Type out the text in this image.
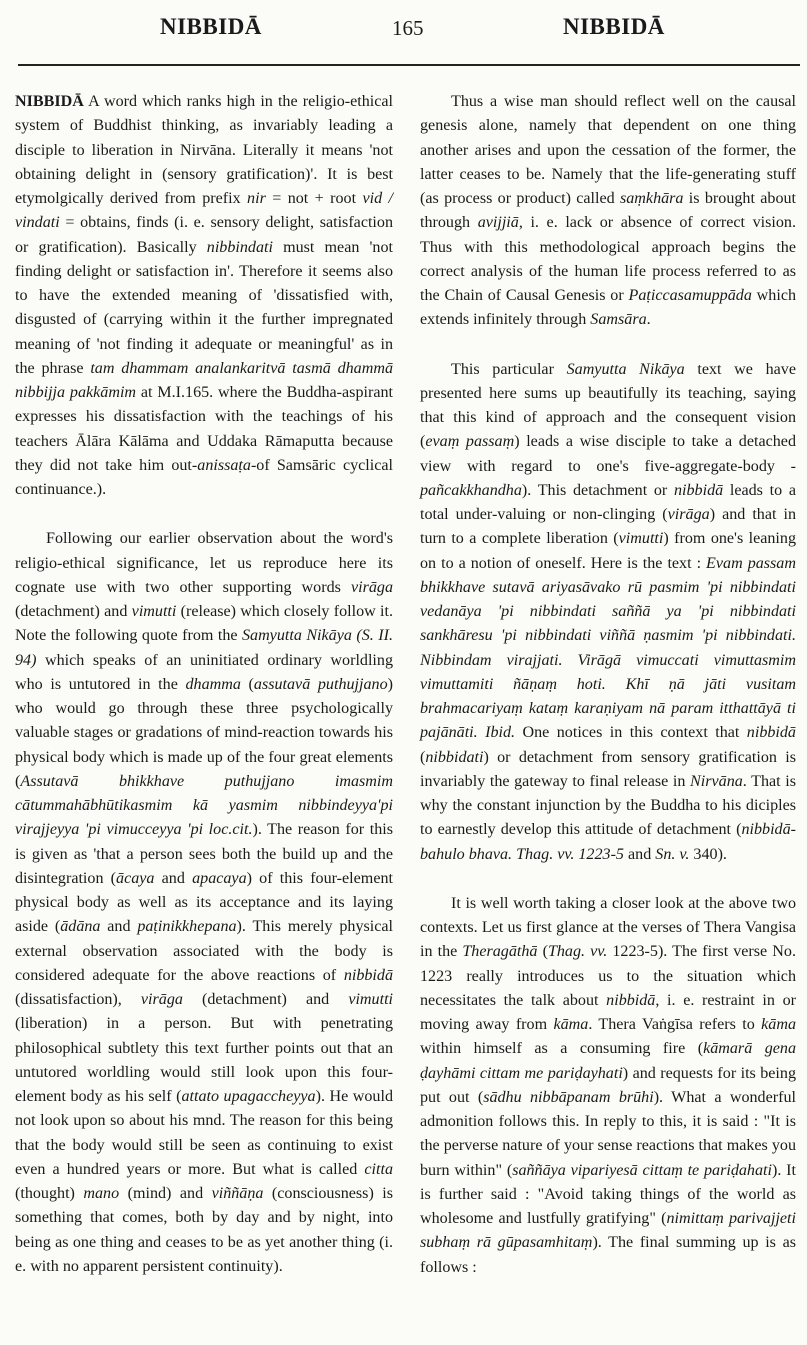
NIBBIDĀ	165	NIBBIDĀ

NIBBIDĀ A word which ranks high in the religio-ethical system of Buddhist thinking, as invariably leading a disciple to liberation in Nirvāna. Literally it means 'not obtaining delight in (sensory gratification)'. It is best etymolgically derived from prefix nir = not + root vid / vindati = obtains, finds (i. e. sensory delight, satisfaction or gratification). Basically nibbindati must mean 'not finding delight or satisfaction in'. Therefore it seems also to have the extended meaning of 'dissatisfied with, disgusted of (carrying within it the further impregnated meaning of 'not finding it adequate or meaningful' as in the phrase tam dhammam analankaritvā tasmā dhammā nibbijja pakkāmim at M.I.165. where the Buddha-aspirant expresses his dissatisfaction with the teachings of his teachers Ālāra Kālāma and Uddaka Rāmaputta because they did not take him out-anissaṭa-of Samsāric cyclical continuance.).

Following our earlier observation about the word's religio-ethical significance, let us reproduce here its cognate use with two other supporting words virāga (detachment) and vimutti (release) which closely follow it. Note the following quote from the Samyutta Nikāya (S. II. 94) which speaks of an uninitiated ordinary worldling who is untutored in the dhamma (assutavā puthujjano) who would go through these three psychologically valuable stages or gradations of mind-reaction towards his physical body which is made up of the four great elements (Assutavā bhikkhave puthujjano imasmim cātummahābhūtikasmim kā yasmim nibbindeyya'pi virajjeyya 'pi vimucceyya 'pi loc.cit.). The reason for this is given as 'that a person sees both the build up and the disintegration (ācaya and apacaya) of this four-element physical body as well as its acceptance and its laying aside (ādāna and paṭinikkhepana). This merely physical external observation associated with the body is considered adequate for the above reactions of nibbidā (dissatisfaction), virāga (detachment) and vimutti (liberation) in a person. But with penetrating philosophical subtlety this text further points out that an untutored worldling would still look upon this four-element body as his self (attato upagaccheyya). He would not look upon so about his mnd. The reason for this being that the body would still be seen as continuing to exist even a hundred years or more. But what is called citta (thought) mano (mind) and viññāṇa (consciousness) is something that comes, both by day and by night, into being as one thing and ceases to be as yet another thing (i. e. with no apparent persistent continuity).

Thus a wise man should reflect well on the causal genesis alone, namely that dependent on one thing another arises and upon the cessation of the former, the latter ceases to be. Namely that the life-generating stuff (as process or product) called saṃkhāra is brought about through avijjiā, i. e. lack or absence of correct vision. Thus with this methodological approach begins the correct analysis of the human life process referred to as the Chain of Causal Genesis or Paṭiccasamuppāda which extends infinitely through Samsāra.

This particular Samyutta Nikāya text we have presented here sums up beautifully its teaching, saying that this kind of approach and the consequent vision (evaṃ passaṃ) leads a wise disciple to take a detached view with regard to one's five-aggregate-body -pañcakkhandha). This detachment or nibbidā leads to a total under-valuing or non-clinging (virāga) and that in turn to a complete liberation (vimutti) from one's leaning on to a notion of oneself. Here is the text : Evam passam bhikkhave sutavā ariyasāvako rū pasmim 'pi nibbindati vedanāya 'pi nibbindati saññā ya 'pi nibbindati sankhāresu 'pi nibbindati viññā ṇasmim 'pi nibbindati. Nibbindam virajjati. Virāgā vimuccati vimuttasmim vimuttamiti ñāṇaṃ hoti. Khī ṇā jāti vusitam brahmacariyaṃ kataṃ karaṇiyam nā param itthattāyā ti pajānāti. Ibid. One notices in this context that nibbidā (nibbidati) or detachment from sensory gratification is invariably the gateway to final release in Nirvāna. That is why the constant injunction by the Buddha to his diciples to earnestly develop this attitude of detachment (nibbidā-bahulo bhava. Thag. vv. 1223-5 and Sn. v. 340).

It is well worth taking a closer look at the above two contexts. Let us first glance at the verses of Thera Vangisa in the Theragāthā (Thag. vv. 1223-5). The first verse No. 1223 really introduces us to the situation which necessitates the talk about nibbidā, i. e. restraint in or moving away from kāma. Thera Vaṅgīsa refers to kāma within himself as a consuming fire (kāmarā gena ḍayhāmi cittam me pariḍayhati) and requests for its being put out (sādhu nibbāpanam brūhi). What a wonderful admonition follows this. In reply to this, it is said : "It is the perverse nature of your sense reactions that makes you burn within" (saññāya vipariyesā cittaṃ te pariḍahati). It is further said : "Avoid taking things of the world as wholesome and lustfully gratifying" (nimittaṃ parivajjeti subhaṃ rā gūpasamhitaṃ). The final summing up is as follows :
